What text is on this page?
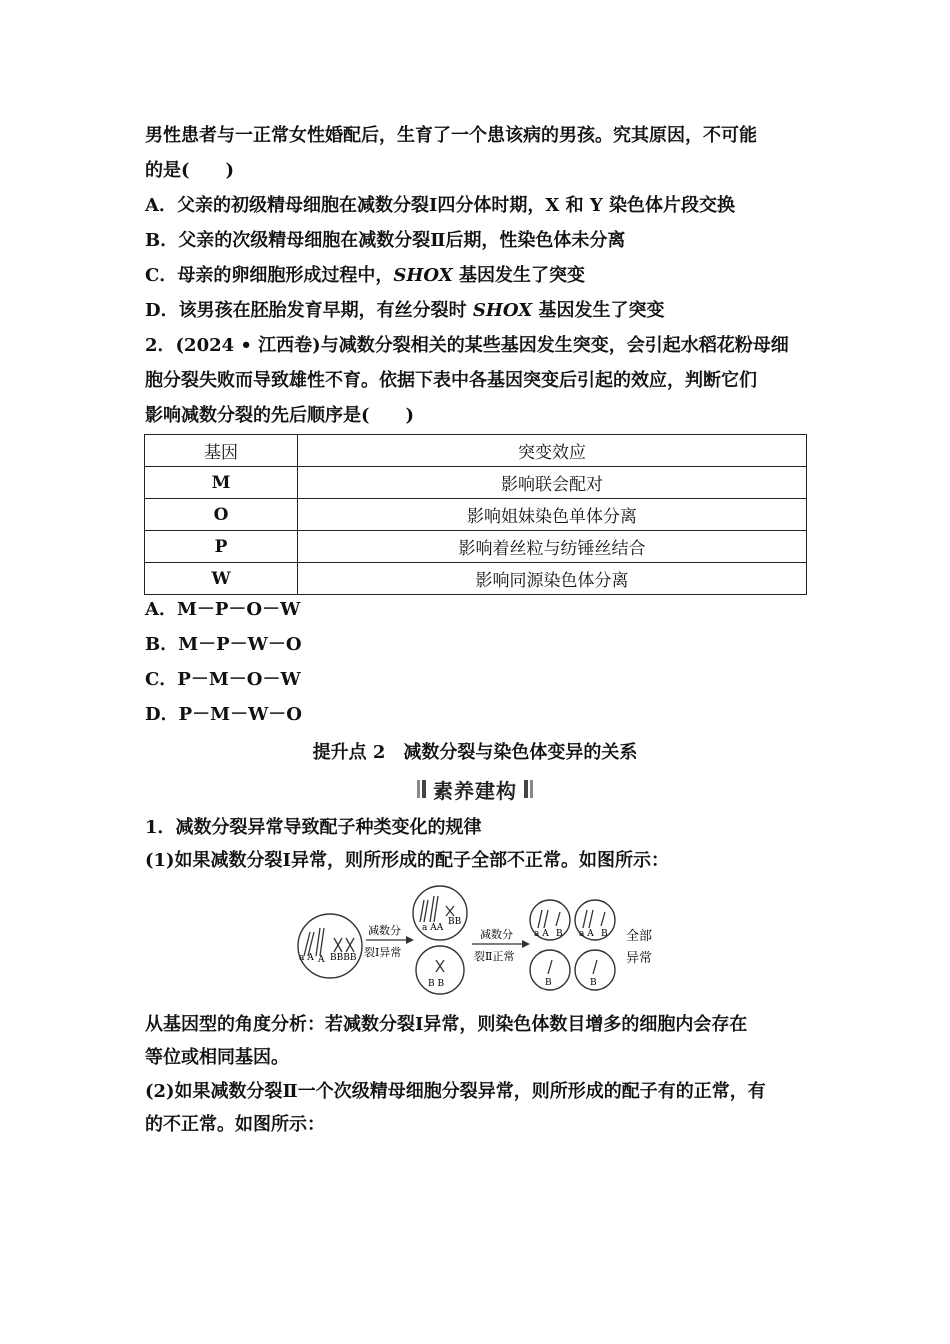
男性患者与一正常女性婚配后，生育了一个患该病的男孩。究其原因，不可能
的是(　　)
A．父亲的初级精母细胞在减数分裂Ⅰ四分体时期，X 和 Y 染色体片段交换
B．父亲的次级精母细胞在减数分裂Ⅱ后期，性染色体未分离
C．母亲的卵细胞形成过程中，SHOX 基因发生了突变
D．该男孩在胚胎发育早期，有丝分裂时 SHOX 基因发生了突变
2．(2024 • 江西卷)与减数分裂相关的某些基因发生突变，会引起水稻花粉母细
胞分裂失败而导致雄性不育。依据下表中各基因突变后引起的效应，判断它们
影响减数分裂的先后顺序是(　　)
基因	突变效应
M	影响联会配对
O	影响姐妹染色单体分离
P	影响着丝粒与纺锤丝结合
W	影响同源染色体分离
A．M－P－O－W
B．M－P－W－O
C．P－M－O－W
D．P－M－W－O
提升点 2　减数分裂与染色体变异的关系
素养建构
1．减数分裂异常导致配子种类变化的规律
(1)如果减数分裂Ⅰ异常，则所形成的配子全部不正常。如图所示：
a A A BBBB
减数分
裂Ⅰ异常
a AA
BB
B B
减数分
裂Ⅱ正常
a A B a A B
B	B
全部
异常
从基因型的角度分析：若减数分裂Ⅰ异常，则染色体数目增多的细胞内会存在
等位或相同基因。
(2)如果减数分裂Ⅱ一个次级精母细胞分裂异常，则所形成的配子有的正常，有
的不正常。如图所示：
